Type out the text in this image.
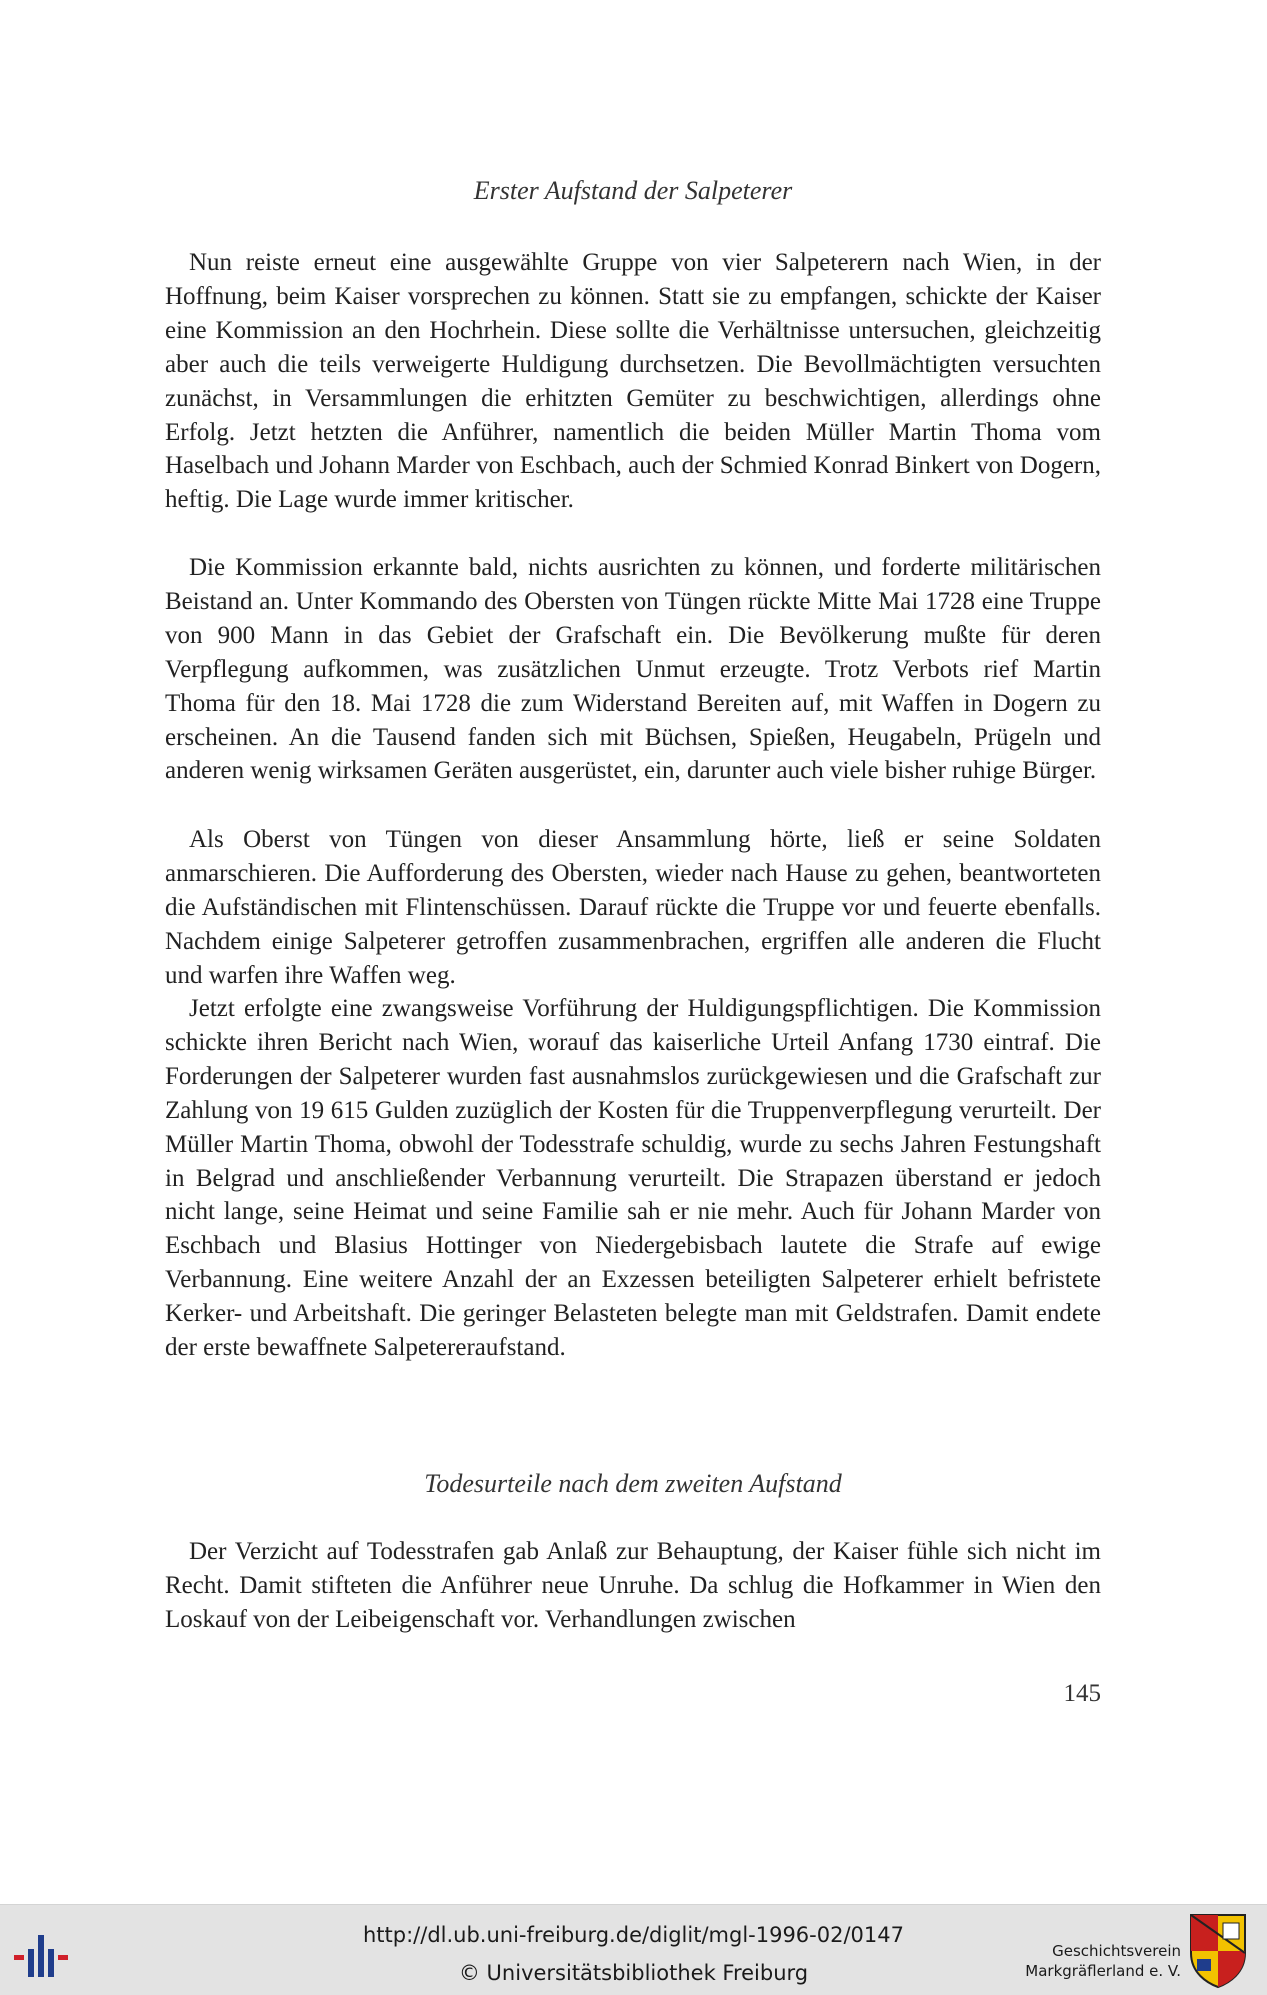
Erster Aufstand der Salpeterer

Nun reiste erneut eine ausgewählte Gruppe von vier Salpeterern nach Wien, in der Hoffnung, beim Kaiser vorsprechen zu können. Statt sie zu empfangen, schickte der Kaiser eine Kommission an den Hochrhein. Diese sollte die Verhältnisse untersuchen, gleichzeitig aber auch die teils verweigerte Huldigung durchsetzen. Die Bevollmächtigten versuchten zunächst, in Versammlungen die erhitzten Gemüter zu beschwichtigen, allerdings ohne Erfolg. Jetzt hetzten die Anführer, namentlich die beiden Müller Martin Thoma vom Haselbach und Johann Marder von Eschbach, auch der Schmied Konrad Binkert von Dogern, heftig. Die Lage wurde immer kritischer.

Die Kommission erkannte bald, nichts ausrichten zu können, und forderte militärischen Beistand an. Unter Kommando des Obersten von Tüngen rückte Mitte Mai 1728 eine Truppe von 900 Mann in das Gebiet der Grafschaft ein. Die Bevölkerung mußte für deren Verpflegung aufkommen, was zusätzlichen Unmut erzeugte. Trotz Verbots rief Martin Thoma für den 18. Mai 1728 die zum Widerstand Bereiten auf, mit Waffen in Dogern zu erscheinen. An die Tausend fanden sich mit Büchsen, Spießen, Heugabeln, Prügeln und anderen wenig wirksamen Geräten ausgerüstet, ein, darunter auch viele bisher ruhige Bürger.

Als Oberst von Tüngen von dieser Ansammlung hörte, ließ er seine Soldaten anmarschieren. Die Aufforderung des Obersten, wieder nach Hause zu gehen, beantworteten die Aufständischen mit Flintenschüssen. Darauf rückte die Truppe vor und feuerte ebenfalls. Nachdem einige Salpeterer getroffen zusammenbrachen, ergriffen alle anderen die Flucht und warfen ihre Waffen weg.

Jetzt erfolgte eine zwangsweise Vorführung der Huldigungspflichtigen. Die Kommission schickte ihren Bericht nach Wien, worauf das kaiserliche Urteil Anfang 1730 eintraf. Die Forderungen der Salpeterer wurden fast ausnahmslos zurückgewiesen und die Grafschaft zur Zahlung von 19 615 Gulden zuzüglich der Kosten für die Truppenverpflegung verurteilt. Der Müller Martin Thoma, obwohl der Todesstrafe schuldig, wurde zu sechs Jahren Festungshaft in Belgrad und anschließender Verbannung verurteilt. Die Strapazen überstand er jedoch nicht lange, seine Heimat und seine Familie sah er nie mehr. Auch für Johann Marder von Eschbach und Blasius Hottinger von Niedergebisbach lautete die Strafe auf ewige Verbannung. Eine weitere Anzahl der an Exzessen beteiligten Salpeterer erhielt befristete Kerker- und Arbeitshaft. Die geringer Belasteten belegte man mit Geldstrafen. Damit endete der erste bewaffnete Salpetereraufstand.

Todesurteile nach dem zweiten Aufstand

Der Verzicht auf Todesstrafen gab Anlaß zur Behauptung, der Kaiser fühle sich nicht im Recht. Damit stifteten die Anführer neue Unruhe. Da schlug die Hofkammer in Wien den Loskauf von der Leibeigenschaft vor. Verhandlungen zwischen

145
http://dl.ub.uni-freiburg.de/diglit/mgl-1996-02/0147
© Universitätsbibliothek Freiburg
Geschichtsverein
Markgräflerland e. V.
